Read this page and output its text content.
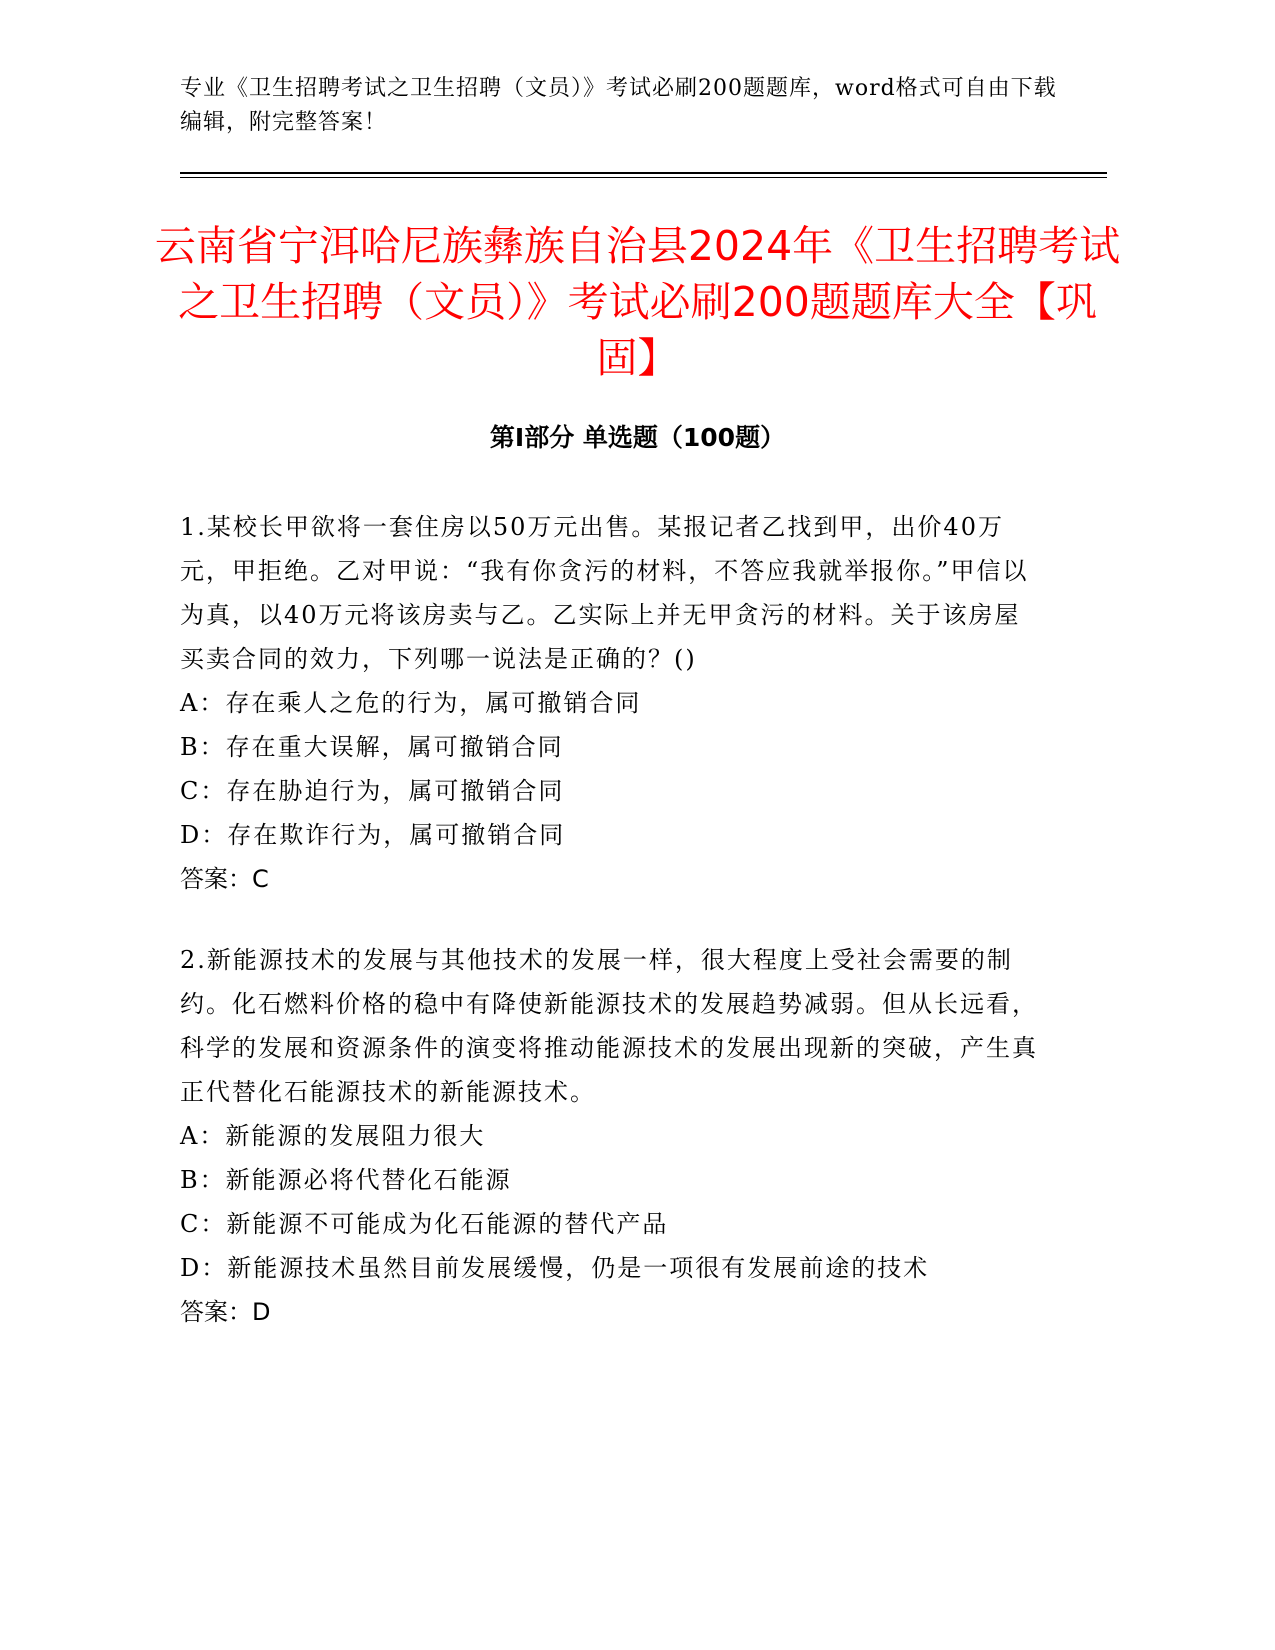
专业《卫生招聘考试之卫生招聘（文员）》考试必刷200题题库，word格式可自由下载编辑，附完整答案！
云南省宁洱哈尼族彝族自治县2024年《卫生招聘考试之卫生招聘（文员）》考试必刷200题题库大全【巩固】
第Ⅰ部分 单选题（100题）

1.某校长甲欲将一套住房以50万元出售。某报记者乙找到甲，出价40万元，甲拒绝。乙对甲说：“我有你贪污的材料，不答应我就举报你。”甲信以为真，以40万元将该房卖与乙。乙实际上并无甲贪污的材料。关于该房屋买卖合同的效力，下列哪一说法是正确的？()

A：存在乘人之危的行为，属可撤销合同

B：存在重大误解，属可撤销合同

C：存在胁迫行为，属可撤销合同

D：存在欺诈行为，属可撤销合同

答案：C

2.新能源技术的发展与其他技术的发展一样，很大程度上受社会需要的制约。化石燃料价格的稳中有降使新能源技术的发展趋势减弱。但从长远看，科学的发展和资源条件的演变将推动能源技术的发展出现新的突破，产生真正代替化石能源技术的新能源技术。

A：新能源的发展阻力很大

B：新能源必将代替化石能源

C：新能源不可能成为化石能源的替代产品

D：新能源技术虽然目前发展缓慢，仍是一项很有发展前途的技术

答案：D
